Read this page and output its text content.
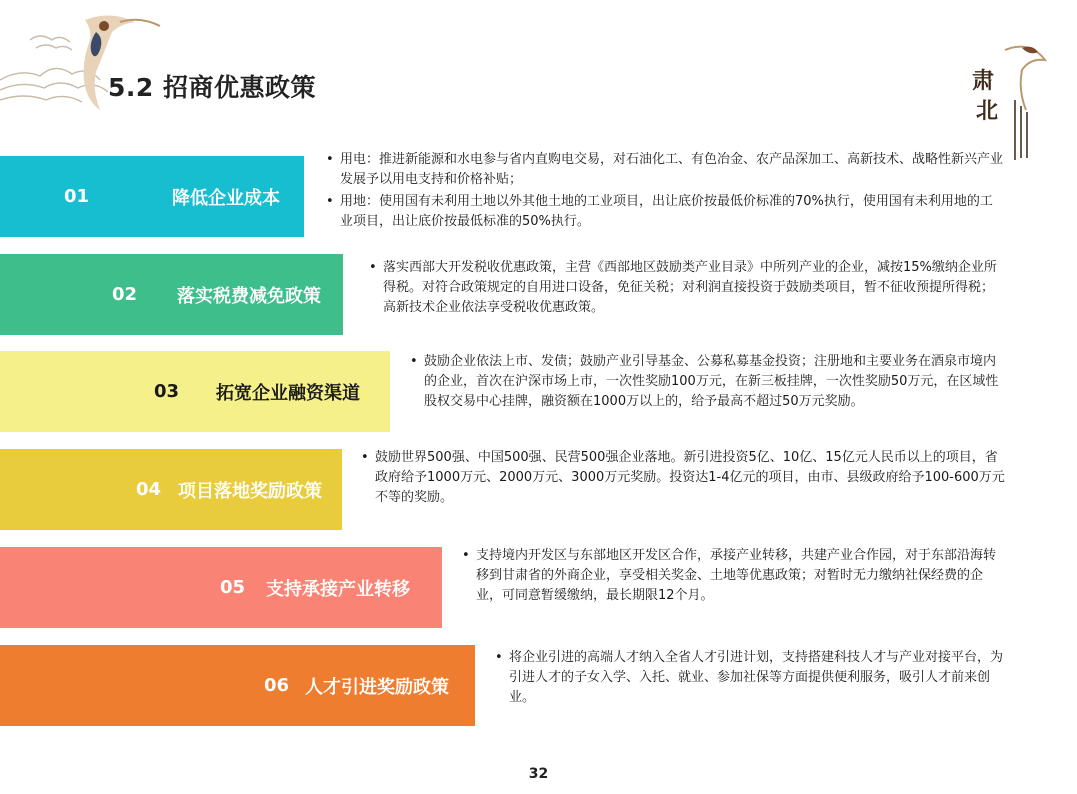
5.2 招商优惠政策	肃
北
01	降低企业成本
• 用电：推进新能源和水电参与省内直购电交易，对石油化工、有色冶金、农产品深加工、高新技术、战略性新兴产业发展予以用电支持和价格补贴；
• 用地：使用国有未利用土地以外其他土地的工业项目，出让底价按最低价标准的70%执行，使用国有未利用地的工业项目，出让底价按最低标准的50%执行。
02 落实税费减免政策
• 落实西部大开发税收优惠政策，主营《西部地区鼓励类产业目录》中所列产业的企业，减按15%缴纳企业所得税。对符合政策规定的自用进口设备，免征关税；对利润直接投资于鼓励类项目，暂不征收预提所得税；高新技术企业依法享受税收优惠政策。
03 拓宽企业融资渠道
• 鼓励企业依法上市、发债；鼓励产业引导基金、公募私募基金投资；注册地和主要业务在酒泉市境内的企业，首次在沪深市场上市，一次性奖励100万元，在新三板挂牌，一次性奖励50万元，在区域性股权交易中心挂牌，融资额在1000万以上的，给予最高不超过50万元奖励。
04 项目落地奖励政策
• 鼓励世界500强、中国500强、民营500强企业落地。新引进投资5亿、10亿、15亿元人民币以上的项目，省政府给予1000万元、2000万元、3000万元奖励。投资达1-4亿元的项目，由市、县级政府给予100-600万元不等的奖励。
05 支持承接产业转移
• 支持境内开发区与东部地区开发区合作，承接产业转移，共建产业合作园，对于东部沿海转移到甘肃省的外商企业，享受相关奖金、土地等优惠政策；对暂时无力缴纳社保经费的企业，可同意暂缓缴纳，最长期限12个月。
06 人才引进奖励政策
• 将企业引进的高端人才纳入全省人才引进计划，支持搭建科技人才与产业对接平台，为引进人才的子女入学、入托、就业、参加社保等方面提供便利服务，吸引人才前来创业。
32
